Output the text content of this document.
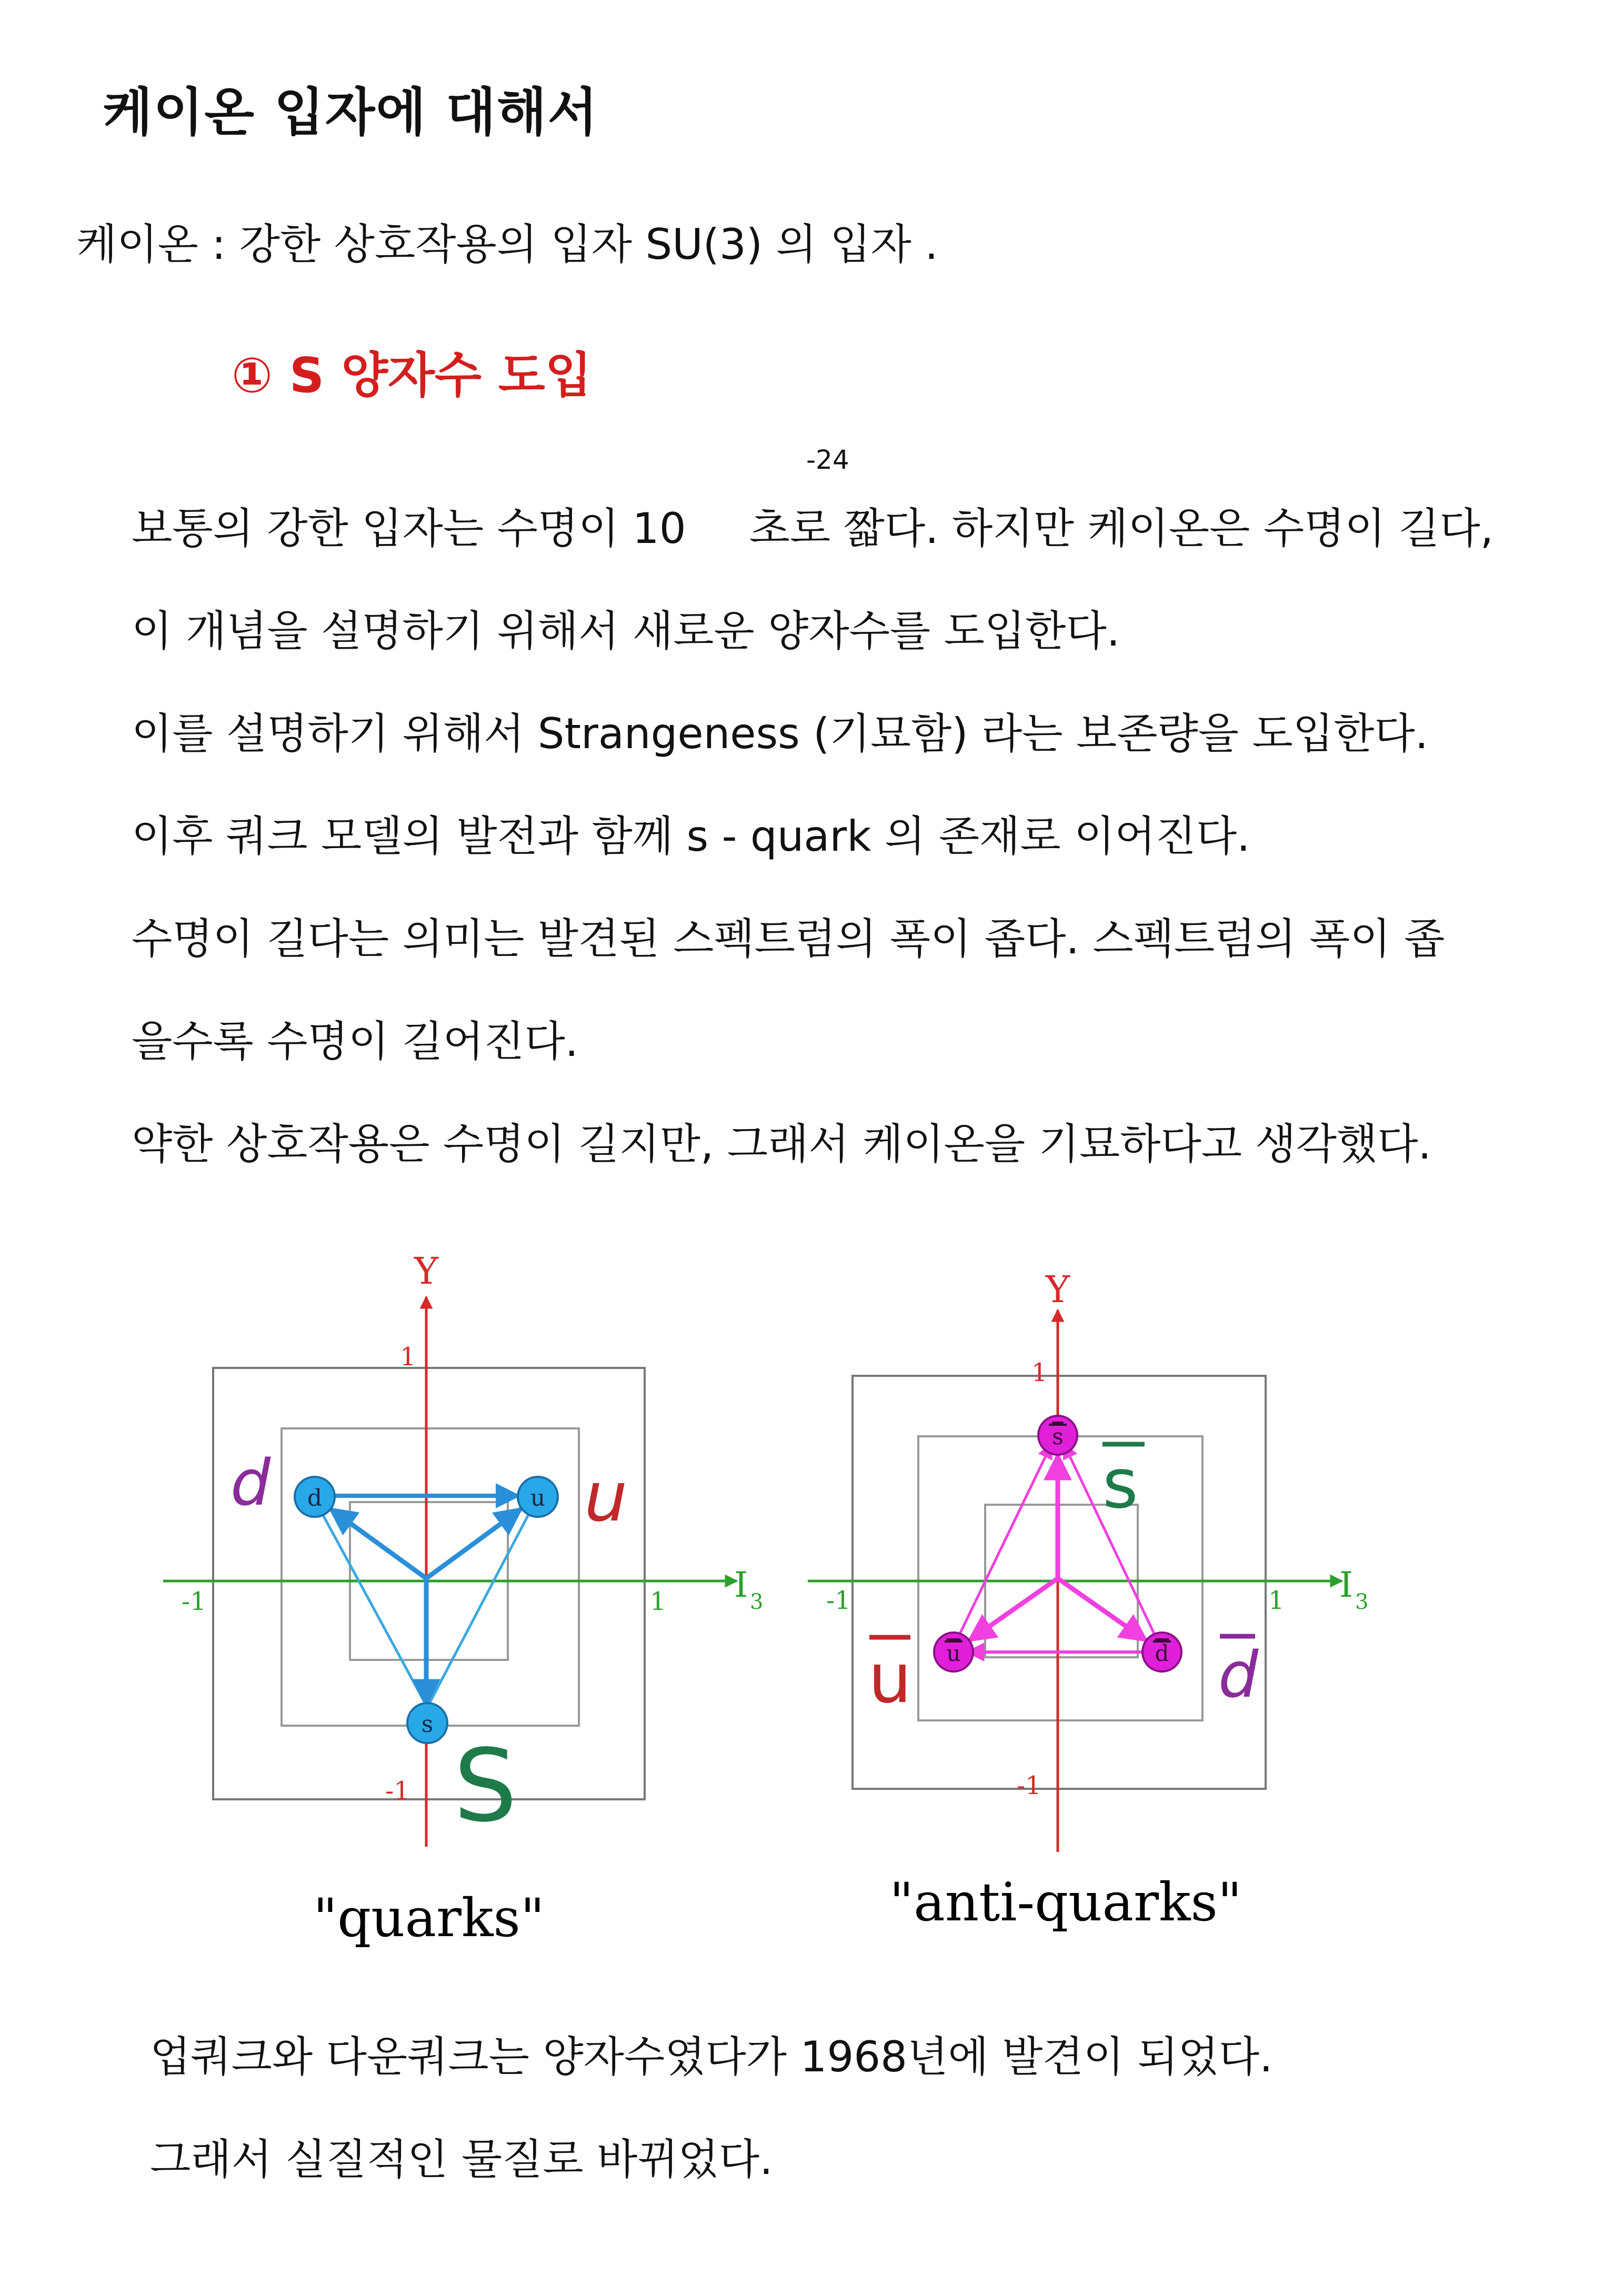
케이온 입자에 대해서
케이온 : 강한 상호작용의 입자 SU(3) 의 입자 .
① S 양자수 도입
-24
보통의 강한 입자는 수명이 10 초로 짧다. 하지만 케이온은 수명이 길다,
이 개념을 설명하기 위해서 새로운 양자수를 도입한다.
이를 설명하기 위해서 Strangeness (기묘함) 라는 보존량을 도입한다.
이후 쿼크 모델의 발전과 함께 s - quark 의 존재로 이어진다.
수명이 길다는 의미는 발견된 스펙트럼의 폭이 좁다. 스펙트럼의 폭이 좁
을수록 수명이 길어진다.
약한 상호작용은 수명이 길지만, 그래서 케이온을 기묘하다고 생각했다.
Y
I 3
1
-1
-1	1
d	u
s
d	u
S
"quarks"
Y
I 3
1
-1
-1	1
s
u	d
s
u	d
"anti-quarks"
업쿼크와 다운쿼크는 양자수였다가 1968년에 발견이 되었다.
그래서 실질적인 물질로 바뀌었다.
